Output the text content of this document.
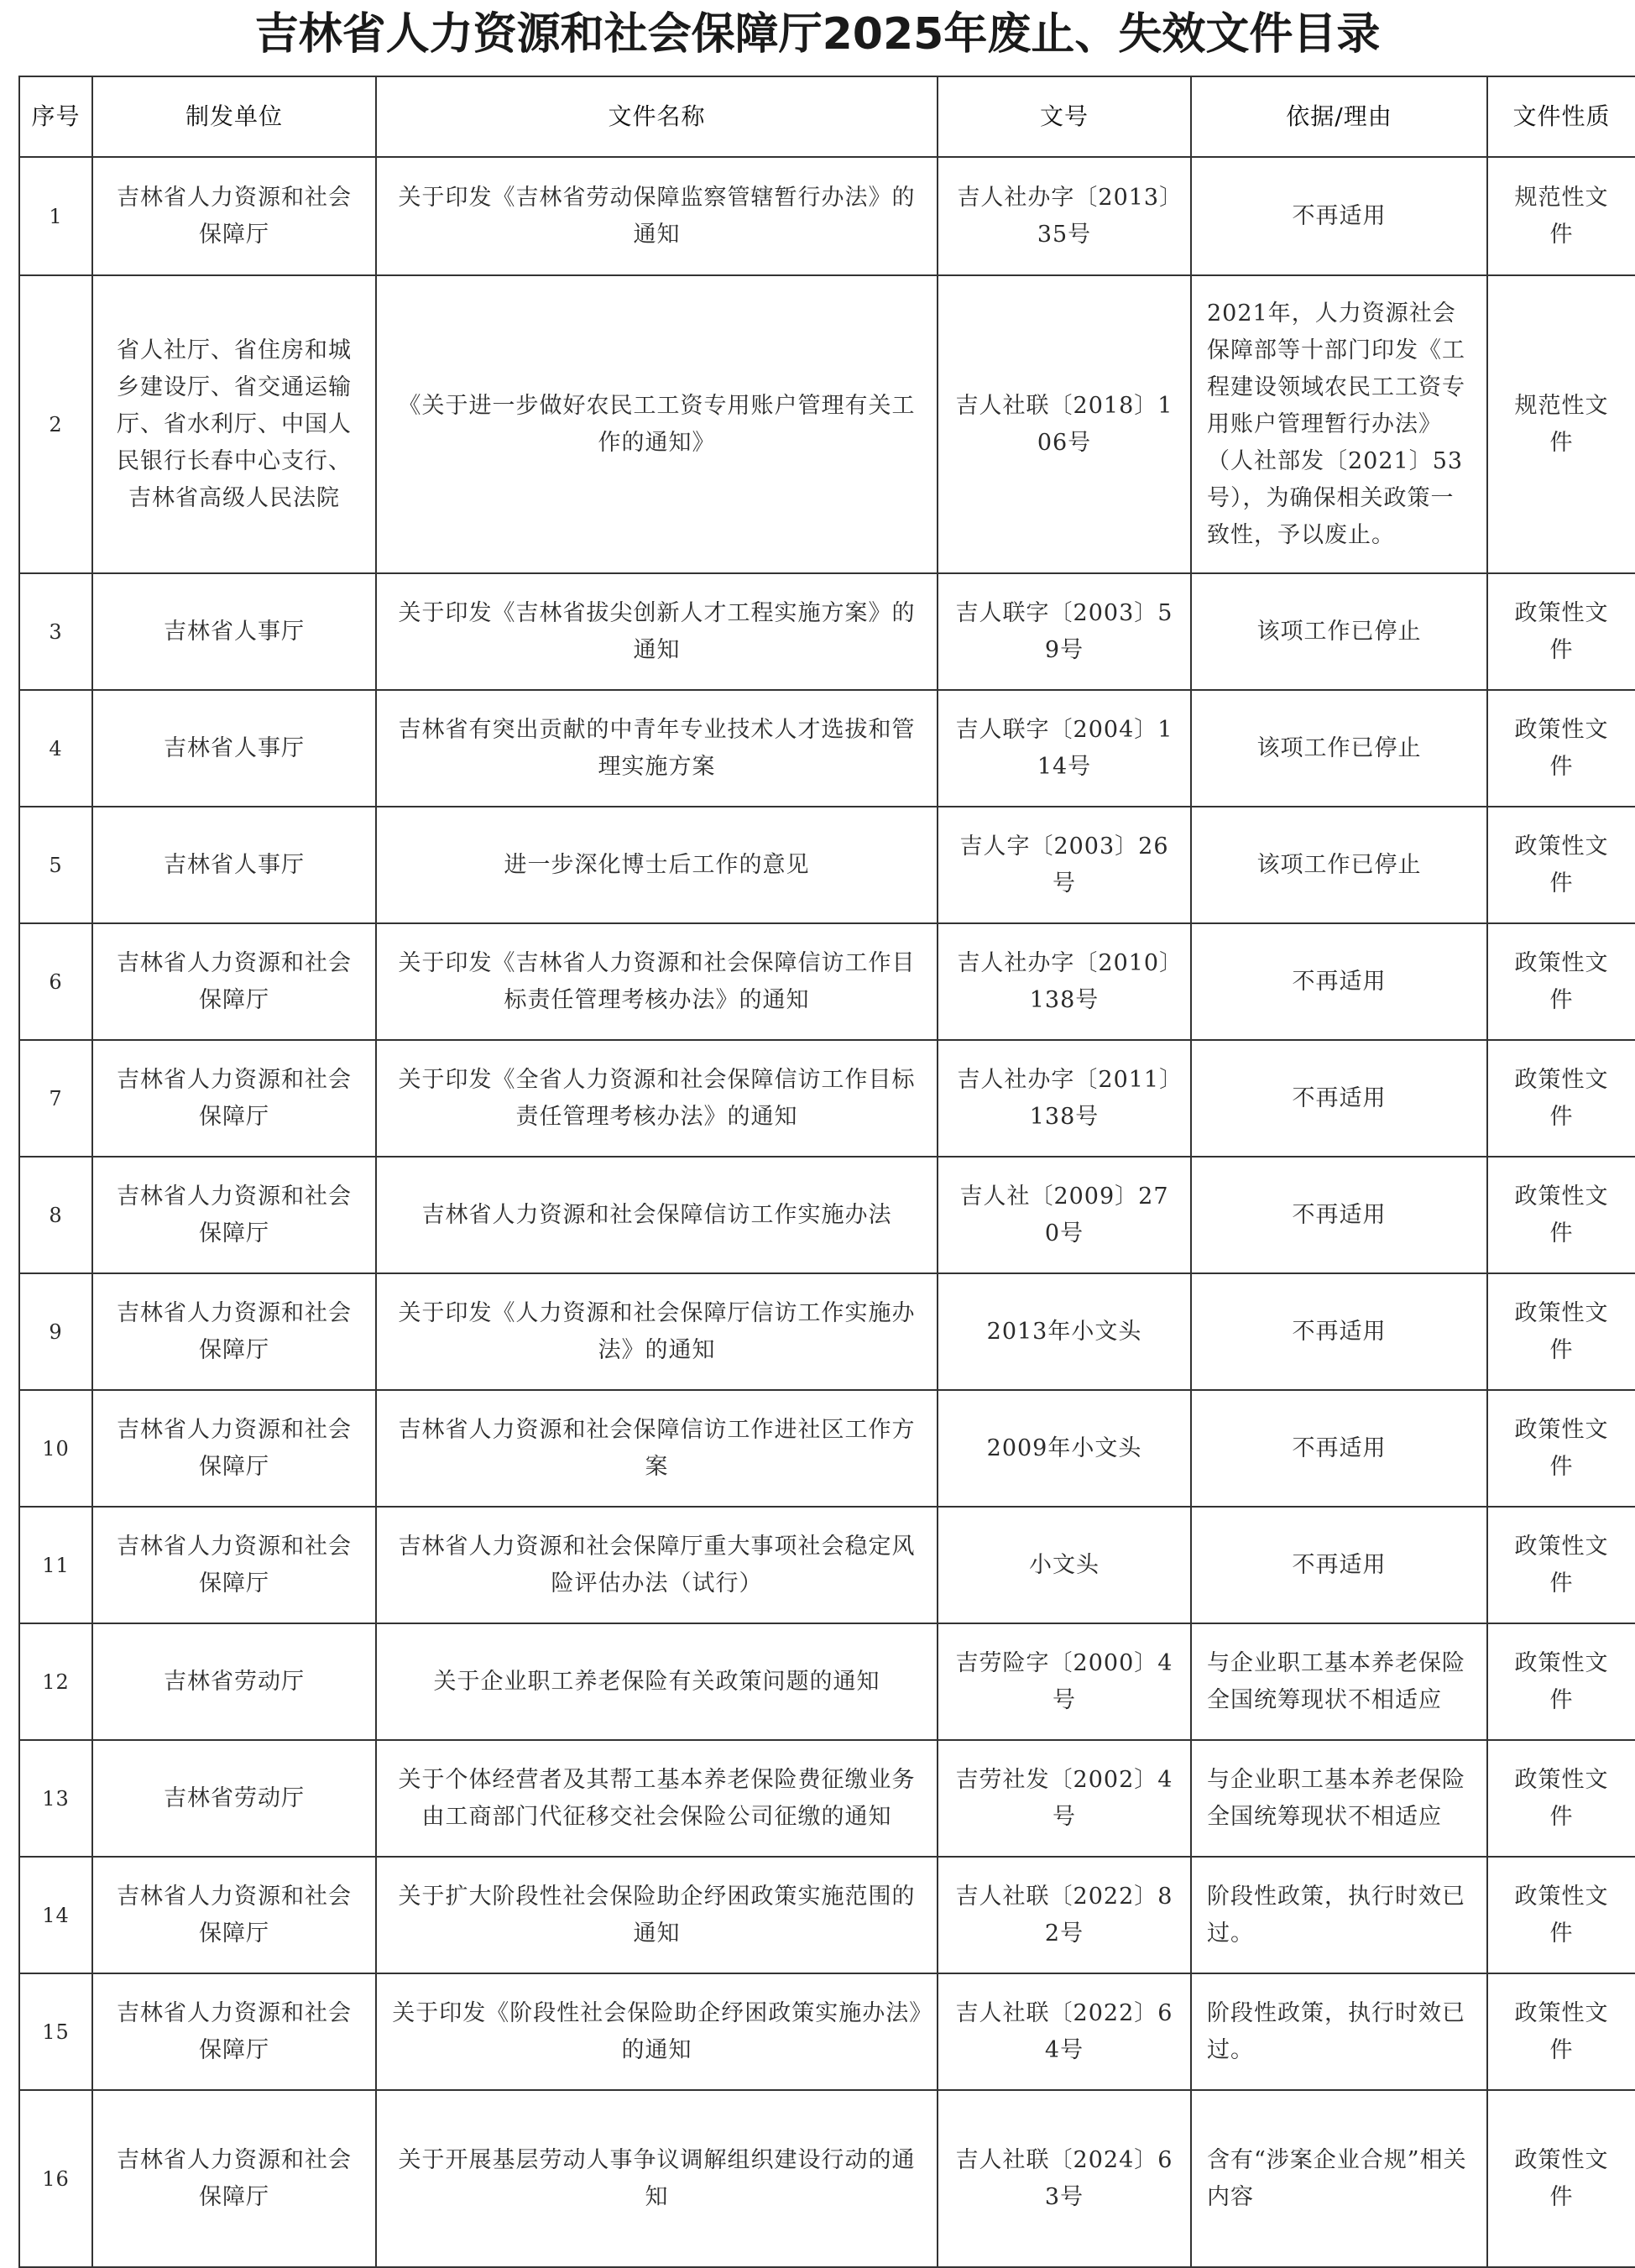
吉林省人力资源和社会保障厅2025年废止、失效文件目录
序号	制发单位	文件名称	文号	依据/理由	文件性质
1	吉林省人力资源和社会保障厅	关于印发《吉林省劳动保障监察管辖暂行办法》的通知	吉人社办字〔2013〕35号	不再适用	规范性文件
2	省人社厅、省住房和城乡建设厅、省交通运输厅、省水利厅、中国人民银行长春中心支行、吉林省高级人民法院	《关于进一步做好农民工工资专用账户管理有关工作的通知》	吉人社联〔2018〕106号	2021年，人力资源社会保障部等十部门印发《工程建设领域农民工工资专用账户管理暂行办法》（人社部发〔2021〕53号），为确保相关政策一致性，予以废止。	规范性文件
3	吉林省人事厅	关于印发《吉林省拔尖创新人才工程实施方案》的通知	吉人联字〔2003〕59号	该项工作已停止	政策性文件
4	吉林省人事厅	吉林省有突出贡献的中青年专业技术人才选拔和管理实施方案	吉人联字〔2004〕114号	该项工作已停止	政策性文件
5	吉林省人事厅	进一步深化博士后工作的意见	吉人字〔2003〕26号	该项工作已停止	政策性文件
6	吉林省人力资源和社会保障厅	关于印发《吉林省人力资源和社会保障信访工作目标责任管理考核办法》的通知	吉人社办字〔2010〕138号	不再适用	政策性文件
7	吉林省人力资源和社会保障厅	关于印发《全省人力资源和社会保障信访工作目标责任管理考核办法》的通知	吉人社办字〔2011〕138号	不再适用	政策性文件
8	吉林省人力资源和社会保障厅	吉林省人力资源和社会保障信访工作实施办法	吉人社〔2009〕270号	不再适用	政策性文件
9	吉林省人力资源和社会保障厅	关于印发《人力资源和社会保障厅信访工作实施办法》的通知	2013年小文头	不再适用	政策性文件
10	吉林省人力资源和社会保障厅	吉林省人力资源和社会保障信访工作进社区工作方案	2009年小文头	不再适用	政策性文件
11	吉林省人力资源和社会保障厅	吉林省人力资源和社会保障厅重大事项社会稳定风险评估办法（试行）	小文头	不再适用	政策性文件
12	吉林省劳动厅	关于企业职工养老保险有关政策问题的通知	吉劳险字〔2000〕4号	与企业职工基本养老保险全国统筹现状不相适应	政策性文件
13	吉林省劳动厅	关于个体经营者及其帮工基本养老保险费征缴业务由工商部门代征移交社会保险公司征缴的通知	吉劳社发〔2002〕4号	与企业职工基本养老保险全国统筹现状不相适应	政策性文件
14	吉林省人力资源和社会保障厅	关于扩大阶段性社会保险助企纾困政策实施范围的通知	吉人社联〔2022〕82号	阶段性政策，执行时效已过。	政策性文件
15	吉林省人力资源和社会保障厅	关于印发《阶段性社会保险助企纾困政策实施办法》的通知	吉人社联〔2022〕64号	阶段性政策，执行时效已过。	政策性文件
16	吉林省人力资源和社会保障厅	关于开展基层劳动人事争议调解组织建设行动的通知	吉人社联〔2024〕63号	含有“涉案企业合规”相关内容	政策性文件
